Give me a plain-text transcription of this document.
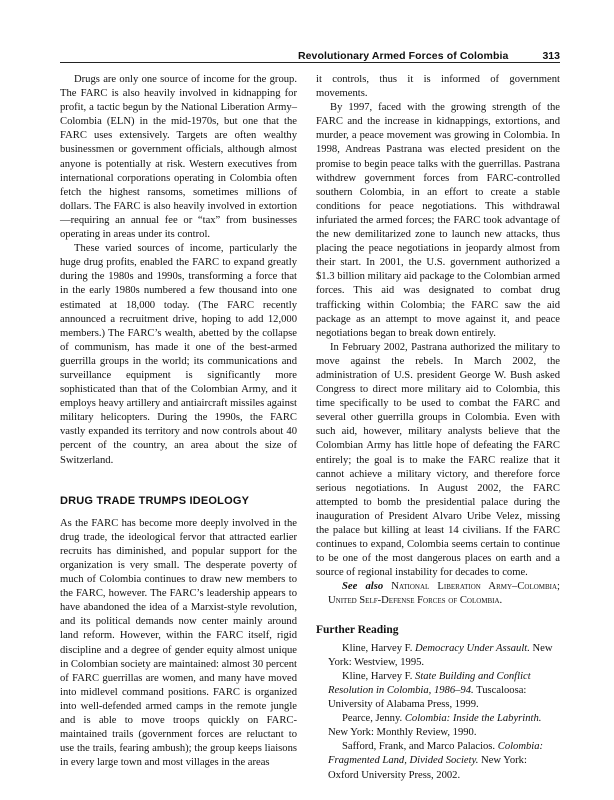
Revolutionary Armed Forces of Colombia	313

Drugs are only one source of income for the group. The FARC is also heavily involved in kidnapping for profit, a tactic begun by the National Liberation Army–Colombia (ELN) in the mid-1970s, but one that the FARC uses extensively. Targets are often wealthy businessmen or government officials, although almost anyone is potentially at risk. Western executives from international corporations operating in Colombia often fetch the highest ransoms, sometimes millions of dollars. The FARC is also heavily involved in extortion—requiring an annual fee or “tax” from businesses operating in areas under its control.

These varied sources of income, particularly the huge drug profits, enabled the FARC to expand greatly during the 1980s and 1990s, transforming a force that in the early 1980s numbered a few thousand into one estimated at 18,000 today. (The FARC recently announced a recruitment drive, hoping to add 12,000 members.) The FARC’s wealth, abetted by the collapse of communism, has made it one of the best-armed guerrilla groups in the world; its communications and surveillance equipment is significantly more sophisticated than that of the Colombian Army, and it employs heavy artillery and antiaircraft missiles against military helicopters. During the 1990s, the FARC vastly expanded its territory and now controls about 40 percent of the country, an area about the size of Switzerland.

DRUG TRADE TRUMPS IDEOLOGY

As the FARC has become more deeply involved in the drug trade, the ideological fervor that attracted earlier recruits has diminished, and popular support for the organization is very small. The desperate poverty of much of Colombia continues to draw new members to the FARC, however. The FARC’s leadership appears to have abandoned the idea of a Marxist-style revolution, and its political demands now center mainly around land reform. However, within the FARC itself, rigid discipline and a degree of gender equity almost unique in Colombian society are maintained: almost 30 percent of FARC guerrillas are women, and many have moved into midlevel command positions. FARC is organized into well-defended armed camps in the remote jungle and is able to move troops quickly on FARC-maintained trails (government forces are reluctant to use the trails, fearing ambush); the group keeps liaisons in every large town and most villages in the areas

it controls, thus it is informed of government movements.

By 1997, faced with the growing strength of the FARC and the increase in kidnappings, extortions, and murder, a peace movement was growing in Colombia. In 1998, Andreas Pastrana was elected president on the promise to begin peace talks with the guerrillas. Pastrana withdrew government forces from FARC-controlled southern Colombia, in an effort to create a stable conditions for peace negotiations. This withdrawal infuriated the armed forces; the FARC took advantage of the new demilitarized zone to launch new attacks, thus placing the peace negotiations in jeopardy almost from their start. In 2001, the U.S. government authorized a $1.3 billion military aid package to the Colombian armed forces. This aid was designated to combat drug trafficking within Colombia; the FARC saw the aid package as an attempt to move against it, and peace negotiations began to break down entirely.

In February 2002, Pastrana authorized the military to move against the rebels. In March 2002, the administration of U.S. president George W. Bush asked Congress to direct more military aid to Colombia, this time specifically to be used to combat the FARC and several other guerrilla groups in Colombia. Even with such aid, however, military analysts believe that the Colombian Army has little hope of defeating the FARC entirely; the goal is to make the FARC realize that it cannot achieve a military victory, and therefore force serious negotiations. In August 2002, the FARC attempted to bomb the presidential palace during the inauguration of President Alvaro Uribe Velez, missing the palace but killing at least 14 civilians. If the FARC continues to expand, Colombia seems certain to continue to be one of the most dangerous places on earth and a source of regional instability for decades to come.

See also National Liberation Army–Colombia; United Self-Defense Forces of Colombia.

Further Reading

Kline, Harvey F. Democracy Under Assault. New York: Westview, 1995.

Kline, Harvey F. State Building and Conflict Resolution in Colombia, 1986–94. Tuscaloosa: University of Alabama Press, 1999.

Pearce, Jenny. Colombia: Inside the Labyrinth. New York: Monthly Review, 1990.

Safford, Frank, and Marco Palacios. Colombia: Fragmented Land, Divided Society. New York: Oxford University Press, 2002.
